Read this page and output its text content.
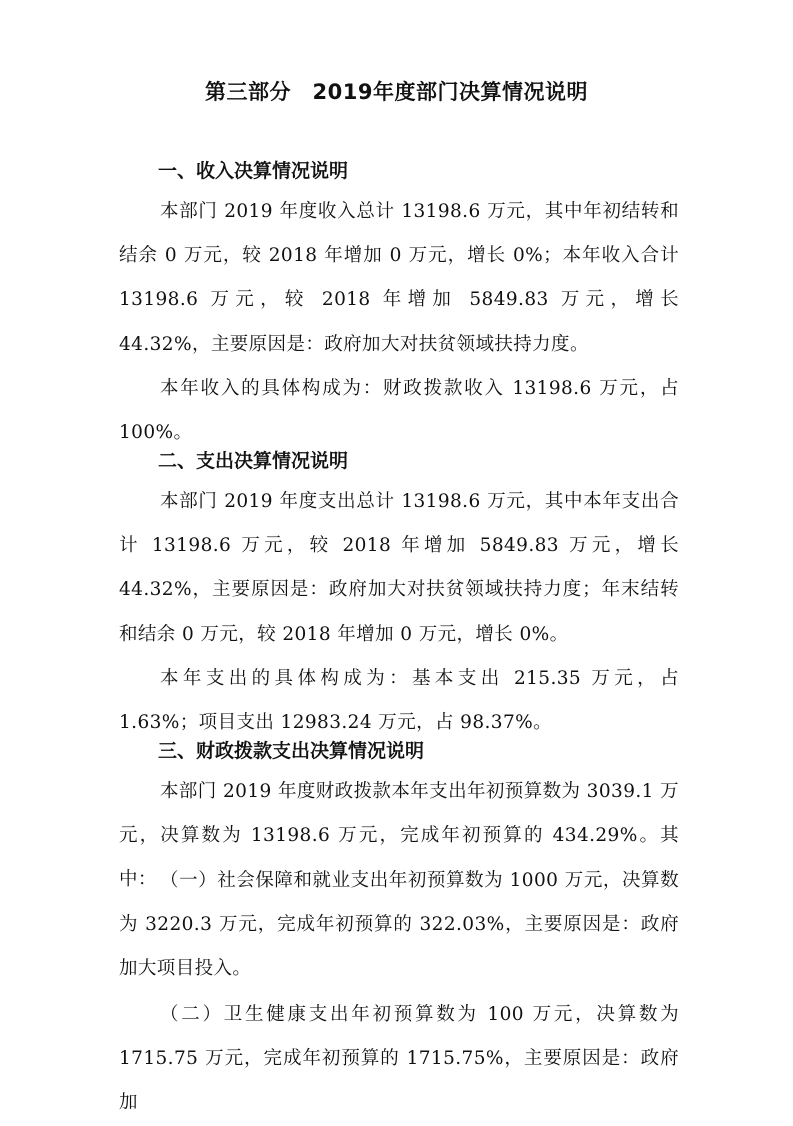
第三部分　2019年度部门决算情况说明
一、收入决算情况说明

本部门 2019 年度收入总计 13198.6 万元，其中年初结转和结余 0 万元，较 2018 年增加 0 万元，增长 0%；本年收入合计 13198.6 万元，较 2018 年增加 5849.83 万元，增长 44.32%，主要原因是：政府加大对扶贫领域扶持力度。

本年收入的具体构成为：财政拨款收入 13198.6 万元，占 100%。

二、支出决算情况说明

本部门 2019 年度支出总计 13198.6 万元，其中本年支出合计 13198.6 万元，较 2018 年增加 5849.83 万元，增长 44.32%，主要原因是：政府加大对扶贫领域扶持力度；年末结转和结余 0 万元，较 2018 年增加 0 万元，增长 0%。

本年支出的具体构成为：基本支出 215.35 万元，占 1.63%；项目支出 12983.24 万元，占 98.37%。

三、财政拨款支出决算情况说明

本部门 2019 年度财政拨款本年支出年初预算数为 3039.1 万元，决算数为 13198.6 万元，完成年初预算的 434.29%。其中： （一）社会保障和就业支出年初预算数为 1000 万元，决算数为 3220.3 万元，完成年初预算的 322.03%，主要原因是：政府加大项目投入。

（二）卫生健康支出年初预算数为 100 万元，决算数为 1715.75 万元，完成年初预算的 1715.75%，主要原因是：政府加
